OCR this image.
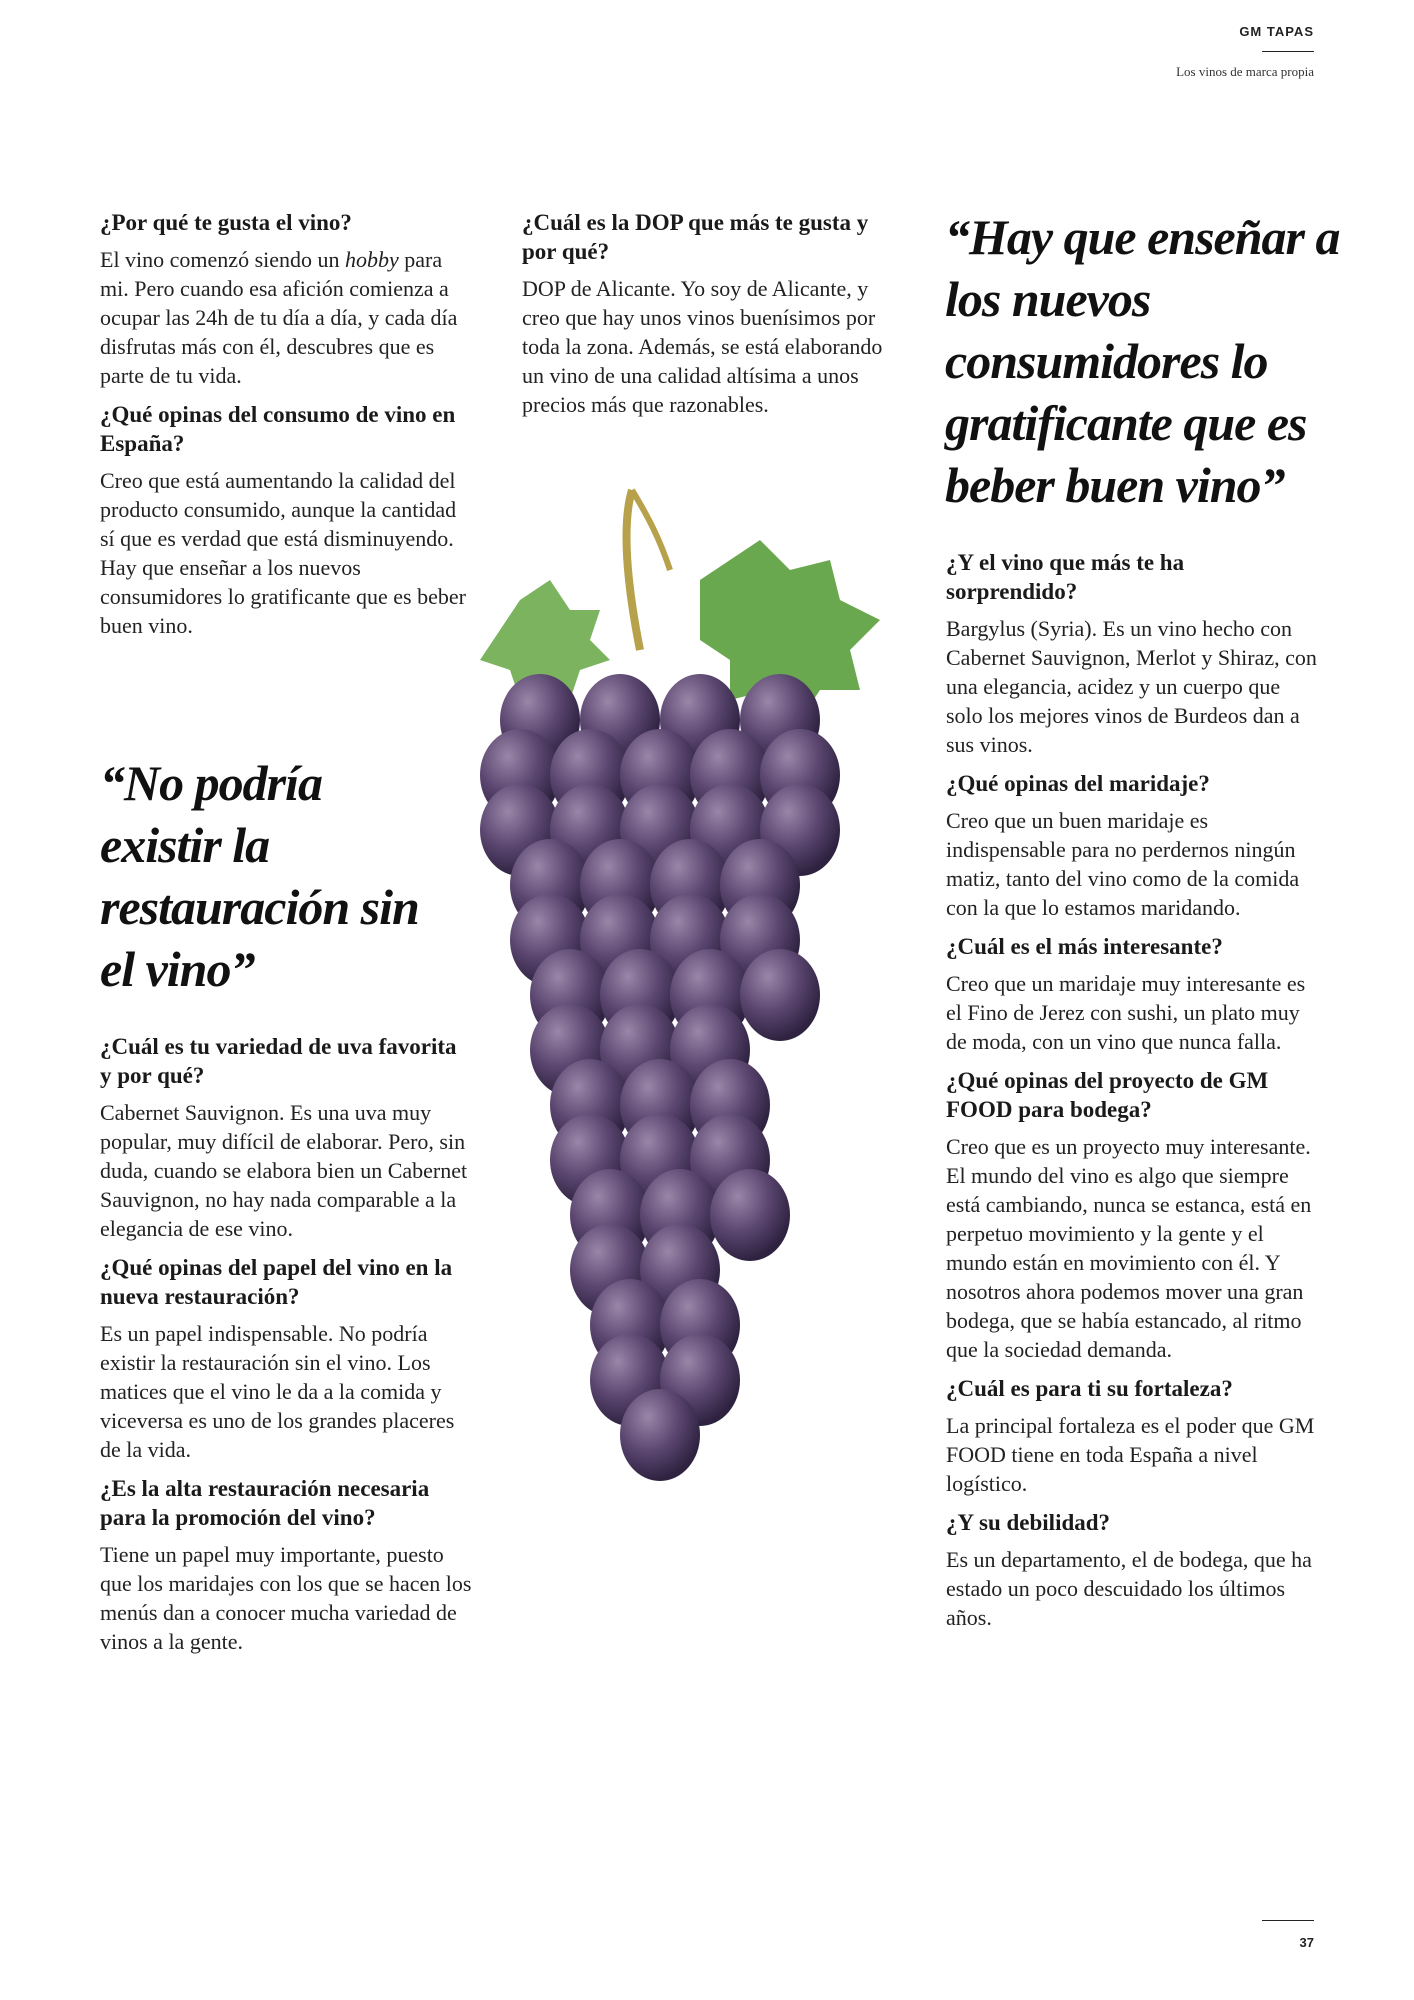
GM TAPAS
Los vinos de marca propia
¿Por qué te gusta el vino?
El vino comenzó siendo un hobby para mi. Pero cuando esa afición comienza a ocupar las 24h de tu día a día, y cada día disfrutas más con él, descubres que es parte de tu vida.
¿Qué opinas del consumo de vino en España?
Creo que está aumentando la calidad del producto consumido, aunque la cantidad sí que es verdad que está disminuyendo. Hay que enseñar a los nuevos consumidores lo gratificante que es beber buen vino.
“No podría existir la restauración sin el vino”
¿Cuál es tu variedad de uva favorita y por qué?
Cabernet Sauvignon. Es una uva muy popular, muy difícil de elaborar. Pero, sin duda, cuando se elabora bien un Cabernet Sauvignon, no hay nada comparable a la elegancia de ese vino.
¿Qué opinas del papel del vino en la nueva restauración?
Es un papel indispensable. No podría existir la restauración sin el vino. Los matices que el vino le da a la comida y viceversa es uno de los grandes placeres de la vida.
¿Es la alta restauración necesaria para la promoción del vino?
Tiene un papel muy importante, puesto que los maridajes con los que se hacen los menús dan a conocer mucha variedad de vinos a la gente.
¿Cuál es la DOP que más te gusta y por qué?
DOP de Alicante. Yo soy de Alicante, y creo que hay unos vinos buenísimos por toda la zona. Además, se está elaborando un vino de una calidad altísima a unos precios más que razonables.
“Hay que enseñar a los nuevos consumidores lo gratificante que es beber buen vino”
¿Y el vino que más te ha sorprendido?
Bargylus (Syria). Es un vino hecho con Cabernet Sauvignon, Merlot y Shiraz, con una elegancia, acidez y un cuerpo que solo los mejores vinos de Burdeos dan a sus vinos.
¿Qué opinas del maridaje?
Creo que un buen maridaje es indispensable para no perdernos ningún matiz, tanto del vino como de la comida con la que lo estamos maridando.
¿Cuál es el más interesante?
Creo que un maridaje muy interesante es el Fino de Jerez con sushi, un plato muy de moda, con un vino que nunca falla.
¿Qué opinas del proyecto de GM FOOD para bodega?
Creo que es un proyecto muy interesante. El mundo del vino es algo que siempre está cambiando, nunca se estanca, está en perpetuo movimiento y la gente y el mundo están en movimiento con él. Y nosotros ahora podemos mover una gran bodega, que se había estancado, al ritmo que la sociedad demanda.
¿Cuál es para ti su fortaleza?
La principal fortaleza es el poder que GM FOOD tiene en toda España a nivel logístico.
¿Y su debilidad?
Es un departamento, el de bodega, que ha estado un poco descuidado los últimos años.
37
